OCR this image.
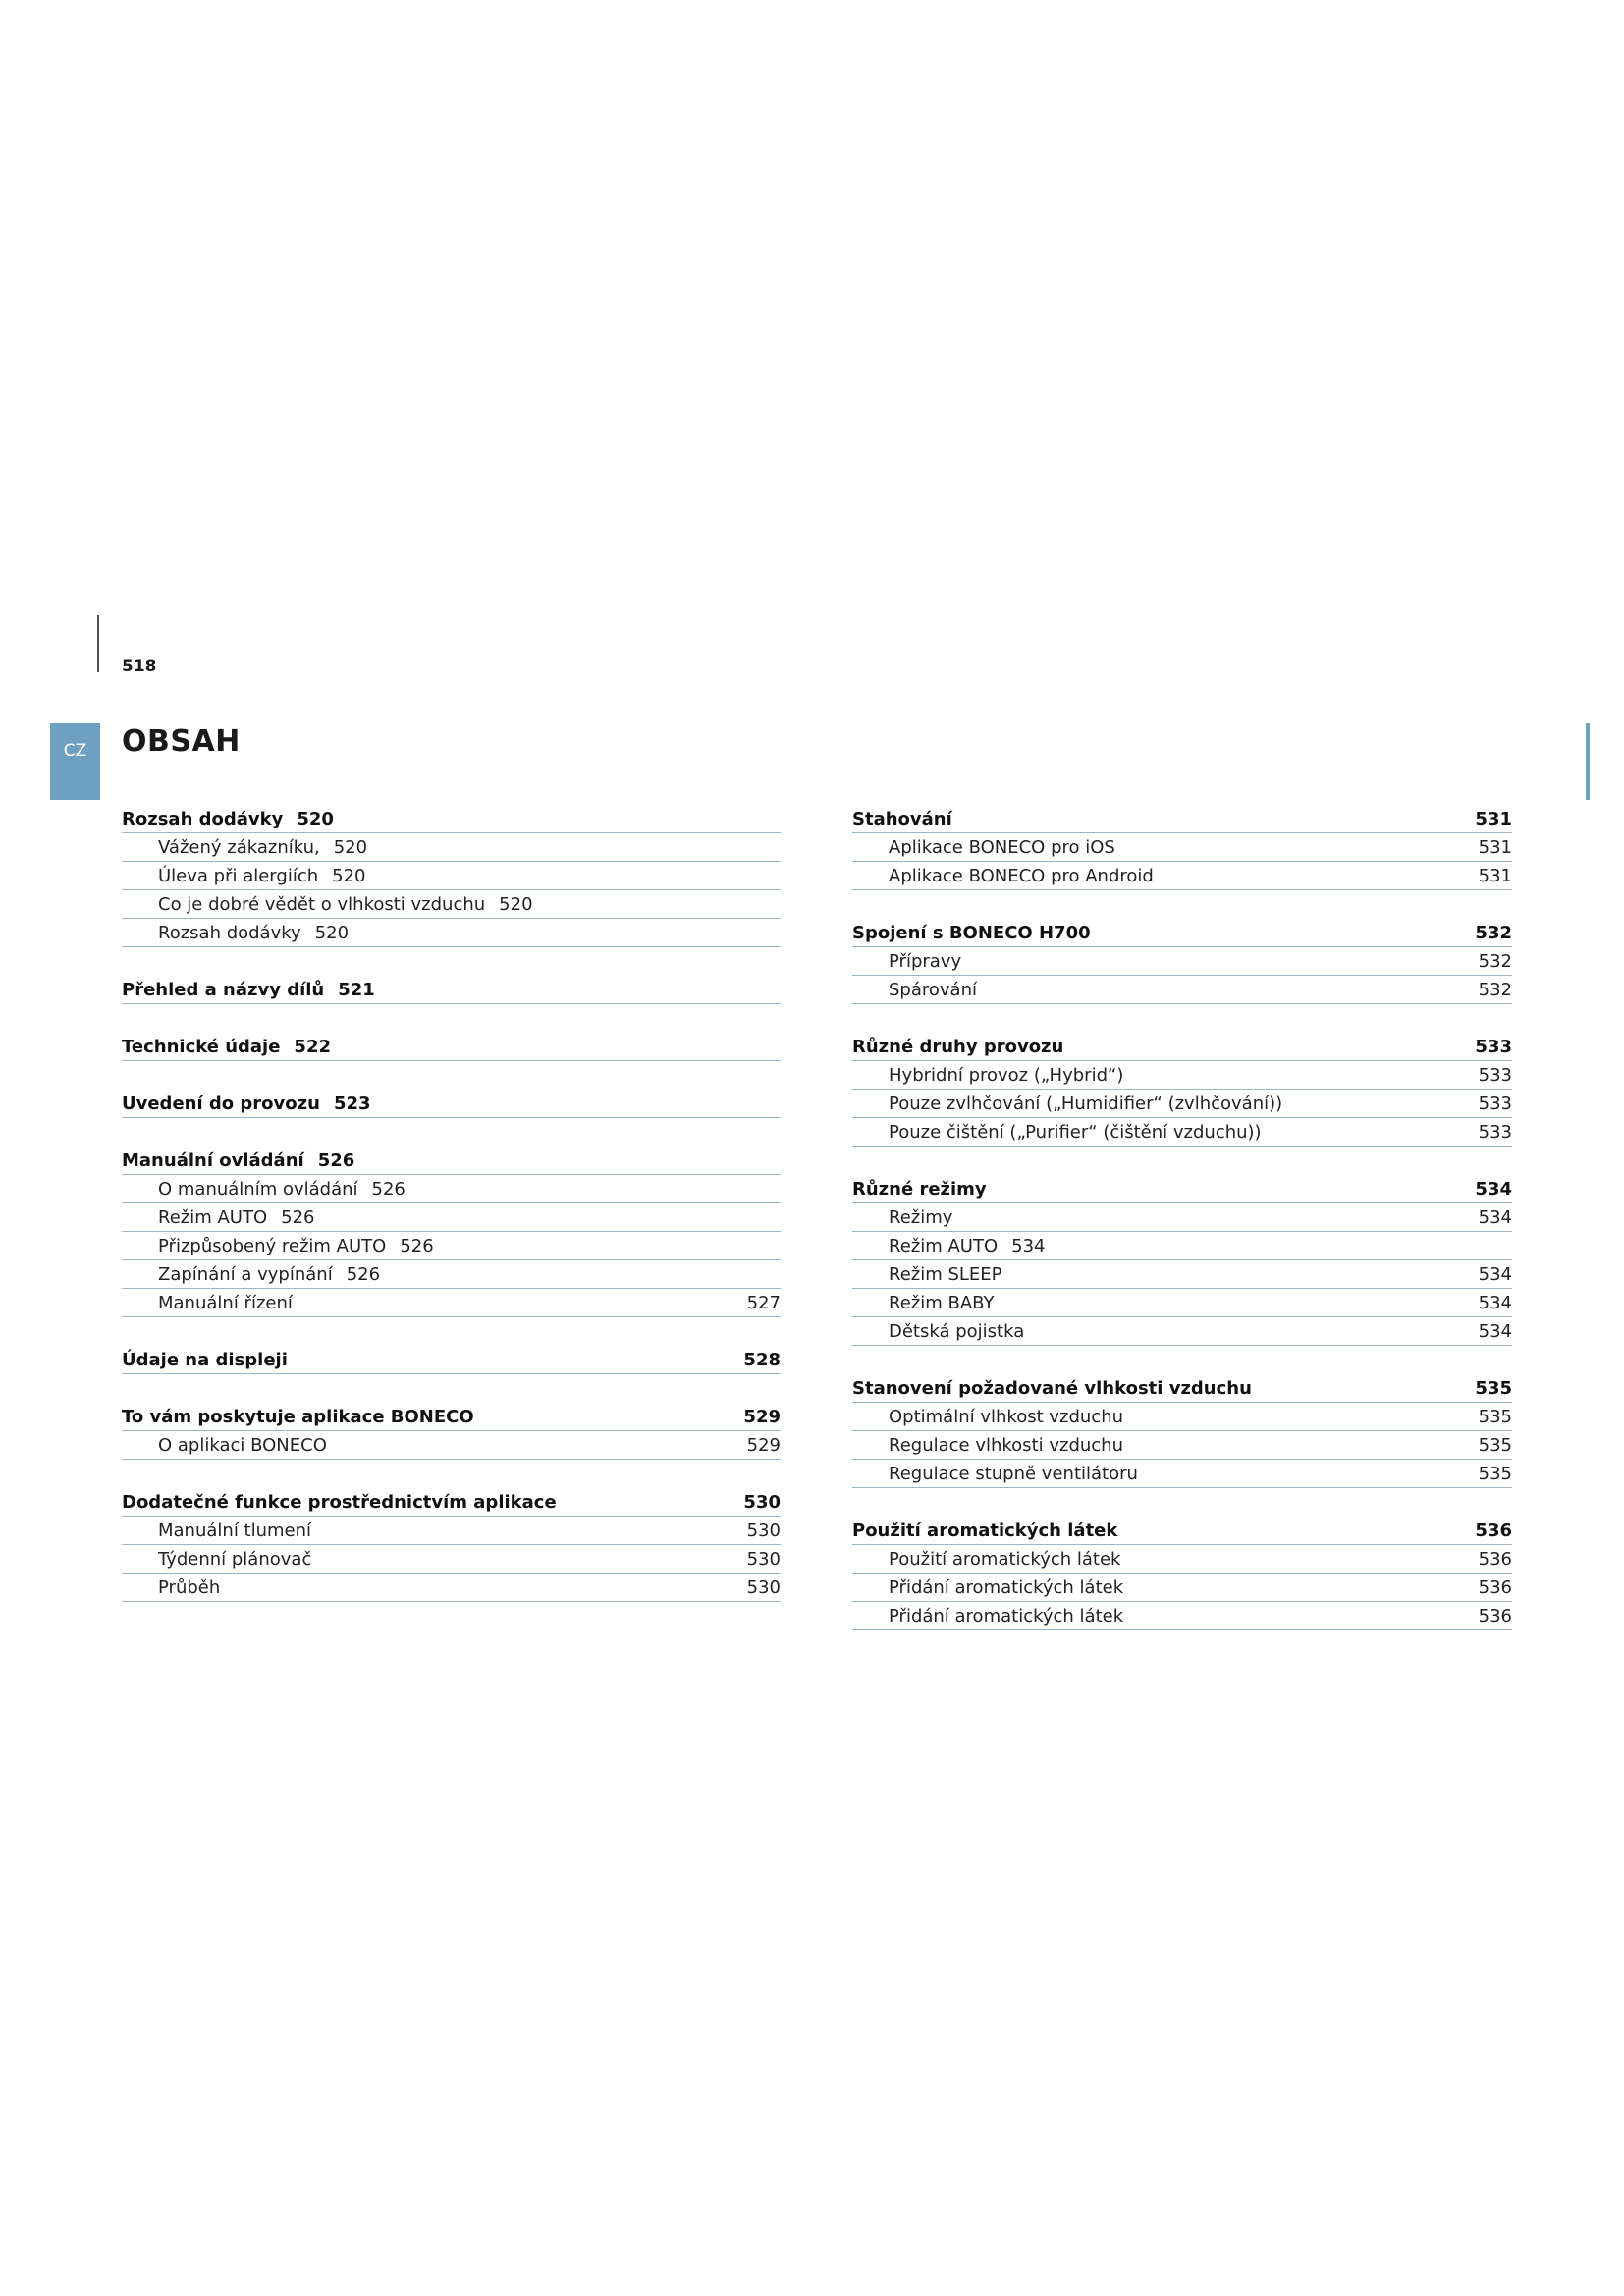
518
CZ OBSAH
Rozsah dodávky 520
Vážený zákazníku, 520
Úleva při alergiích 520
Co je dobré vědět o vlhkosti vzduchu 520
Rozsah dodávky 520
Přehled a názvy dílů 521
Technické údaje 522
Uvedení do provozu 523
Manuální ovládání 526
O manuálním ovládání 526
Režim AUTO 526
Přizpůsobený režim AUTO 526
Zapínání a vypínání 526
Manuální řízení	527
Údaje na displeji	528
To vám poskytuje aplikace BONECO	529
O aplikaci BONECO	529
Dodatečné funkce prostřednictvím aplikace	530
Manuální tlumení	530
Týdenní plánovač	530
Průběh	530
Stahování	531
Aplikace BONECO pro iOS	531
Aplikace BONECO pro Android	531
Spojení s BONECO H700	532
Přípravy	532
Spárování	532
Různé druhy provozu	533
Hybridní provoz („Hybrid“)	533
Pouze zvlhčování („Humidifier“ (zvlhčování))	533
Pouze čištění („Purifier“ (čištění vzduchu))	533
Různé režimy	534
Režimy	534
Režim AUTO 534
Režim SLEEP	534
Režim BABY	534
Dětská pojistka	534
Stanovení požadované vlhkosti vzduchu	535
Optimální vlhkost vzduchu	535
Regulace vlhkosti vzduchu	535
Regulace stupně ventilátoru	535
Použití aromatických látek	536
Použití aromatických látek	536
Přidání aromatických látek	536
Přidání aromatických látek	536
